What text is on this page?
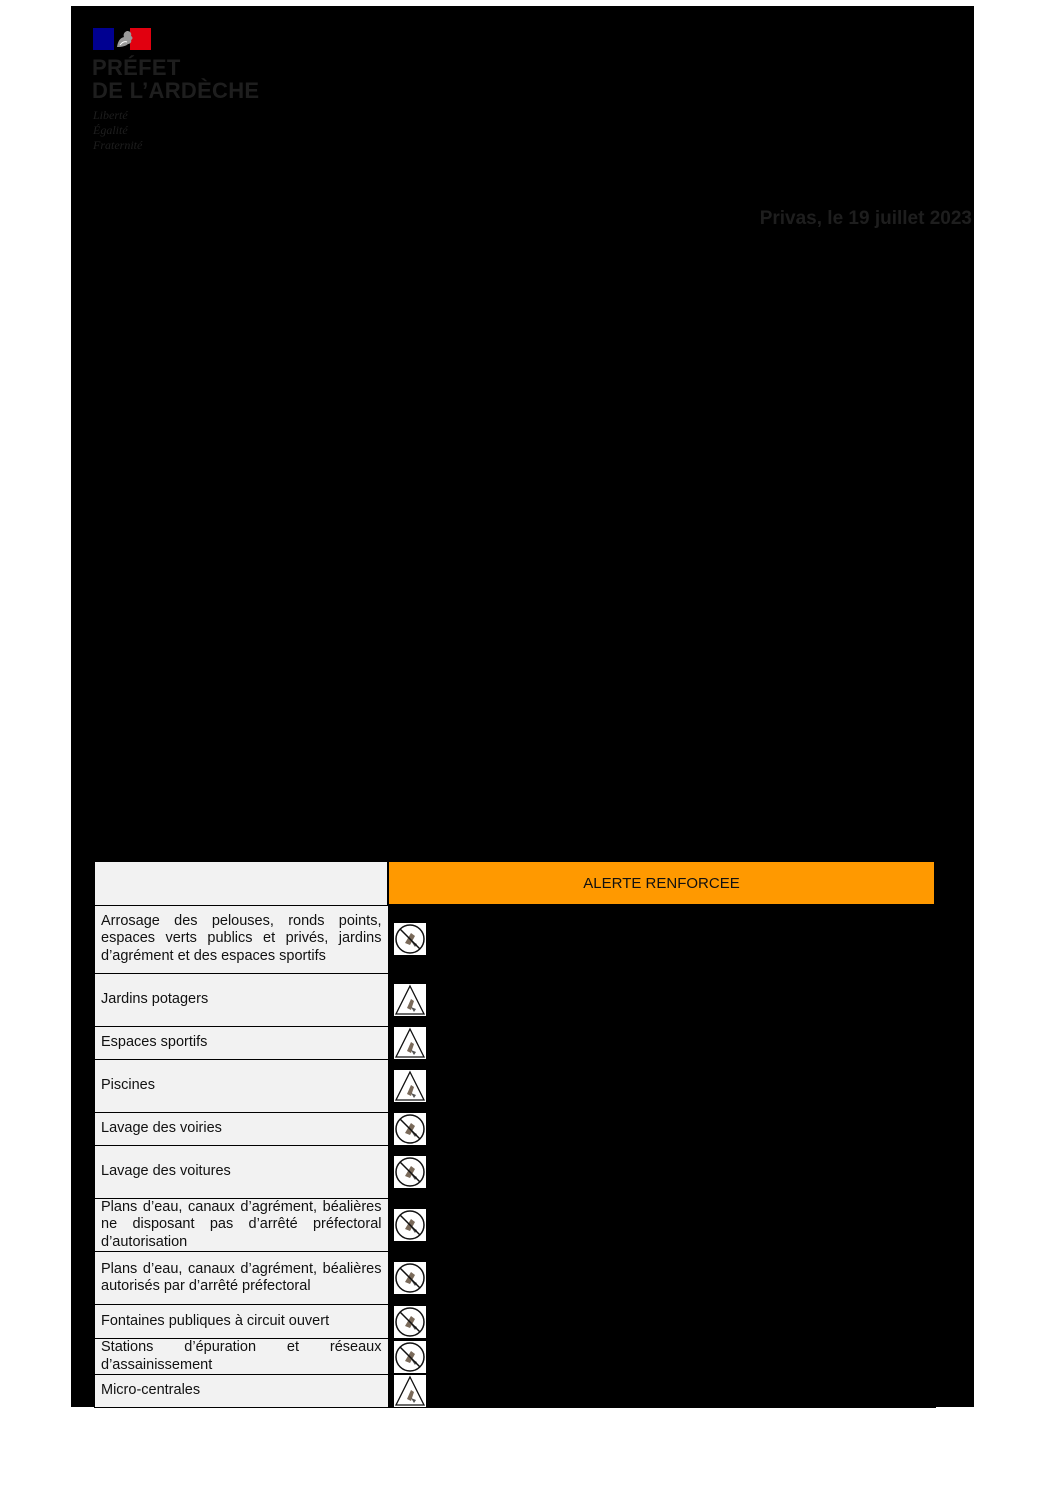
PRÉFET
DE L’ARDÈCHE
Liberté
Égalité
Fraternité
Privas, le 19 juillet 2023
	ALERTE RENFORCEE
Arrosage des pelouses, ronds points, espaces verts publics et privés, jardins d’agrément et des espaces sportifs	

Jardins potagers	

Espaces sportifs	

Piscines	

Lavage des voiries	

Lavage des voitures	

Plans d’eau, canaux d’agrément, béalières ne disposant pas d’arrêté préfectoral d’autorisation	

Plans d’eau, canaux d’agrément, béalières autorisés par d’arrêté préfectoral	

Fontaines publiques à circuit ouvert	

Stations d’épuration et réseaux d’assainissement	

Micro-centrales	
